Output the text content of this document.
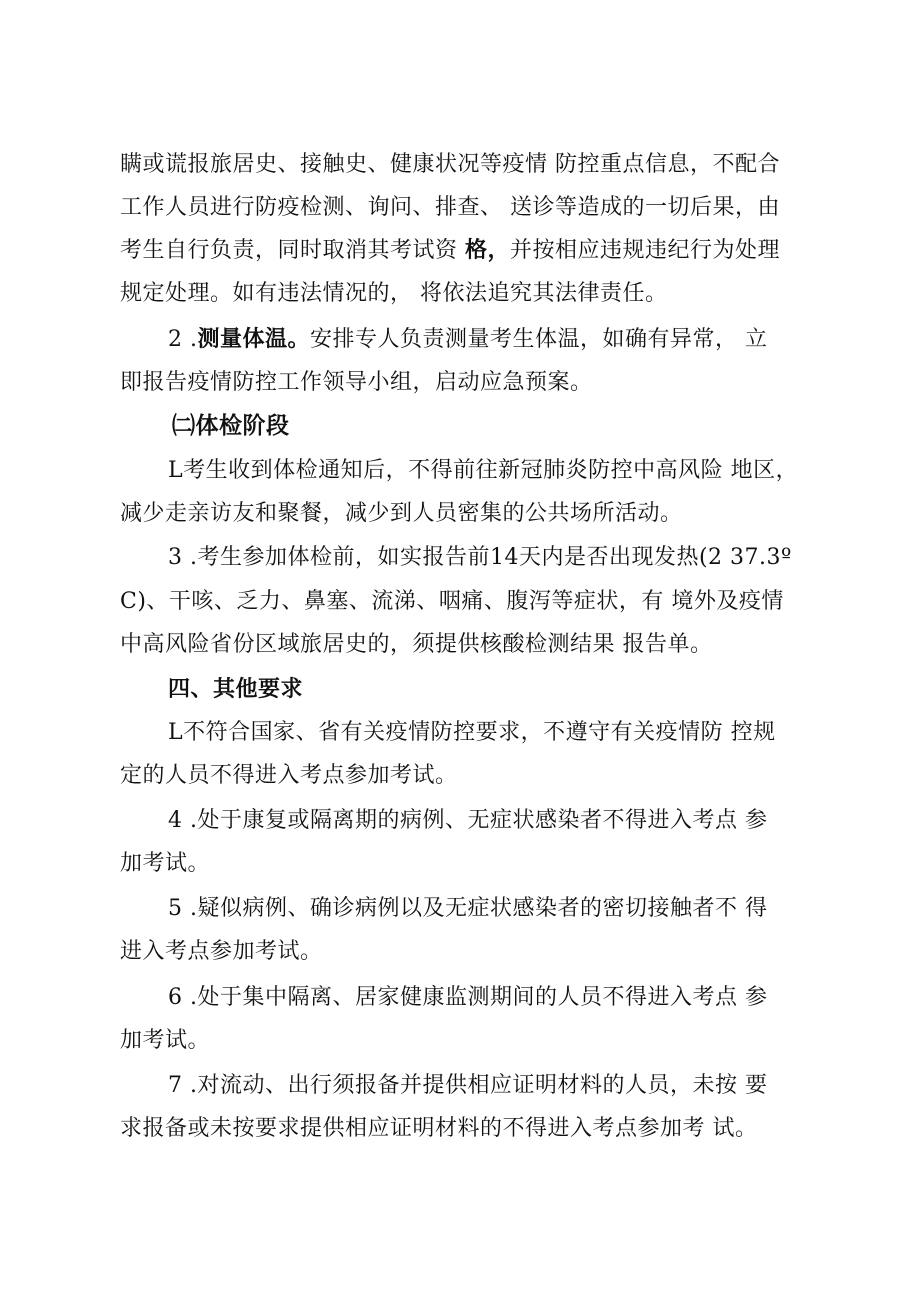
瞒或谎报旅居史、接触史、健康状况等疫情 防控重点信息，不配合
工作人员进行防疫检测、询问、排查、 送诊等造成的一切后果，由
考生自行负责，同时取消其考试资 格，并按相应违规违纪行为处理
规定处理。如有违法情况的， 将依法追究其法律责任。
2 .测量体温。安排专人负责测量考生体温，如确有异常， 立
即报告疫情防控工作领导小组，启动应急预案。
㈡体检阶段
L考生收到体检通知后，不得前往新冠肺炎防控中高风险 地区，
减少走亲访友和聚餐，减少到人员密集的公共场所活动。
3 .考生参加体检前，如实报告前14天内是否出现发热(2 37.3º
C)、干咳、乏力、鼻塞、流涕、咽痛、腹泻等症状，有 境外及疫情
中高风险省份区域旅居史的，须提供核酸检测结果 报告单。
四、其他要求
L不符合国家、省有关疫情防控要求，不遵守有关疫情防 控规
定的人员不得进入考点参加考试。
4 .处于康复或隔离期的病例、无症状感染者不得进入考点 参
加考试。
5 .疑似病例、确诊病例以及无症状感染者的密切接触者不 得
进入考点参加考试。
6 .处于集中隔离、居家健康监测期间的人员不得进入考点 参
加考试。
7 .对流动、出行须报备并提供相应证明材料的人员，未按 要
求报备或未按要求提供相应证明材料的不得进入考点参加考 试。
